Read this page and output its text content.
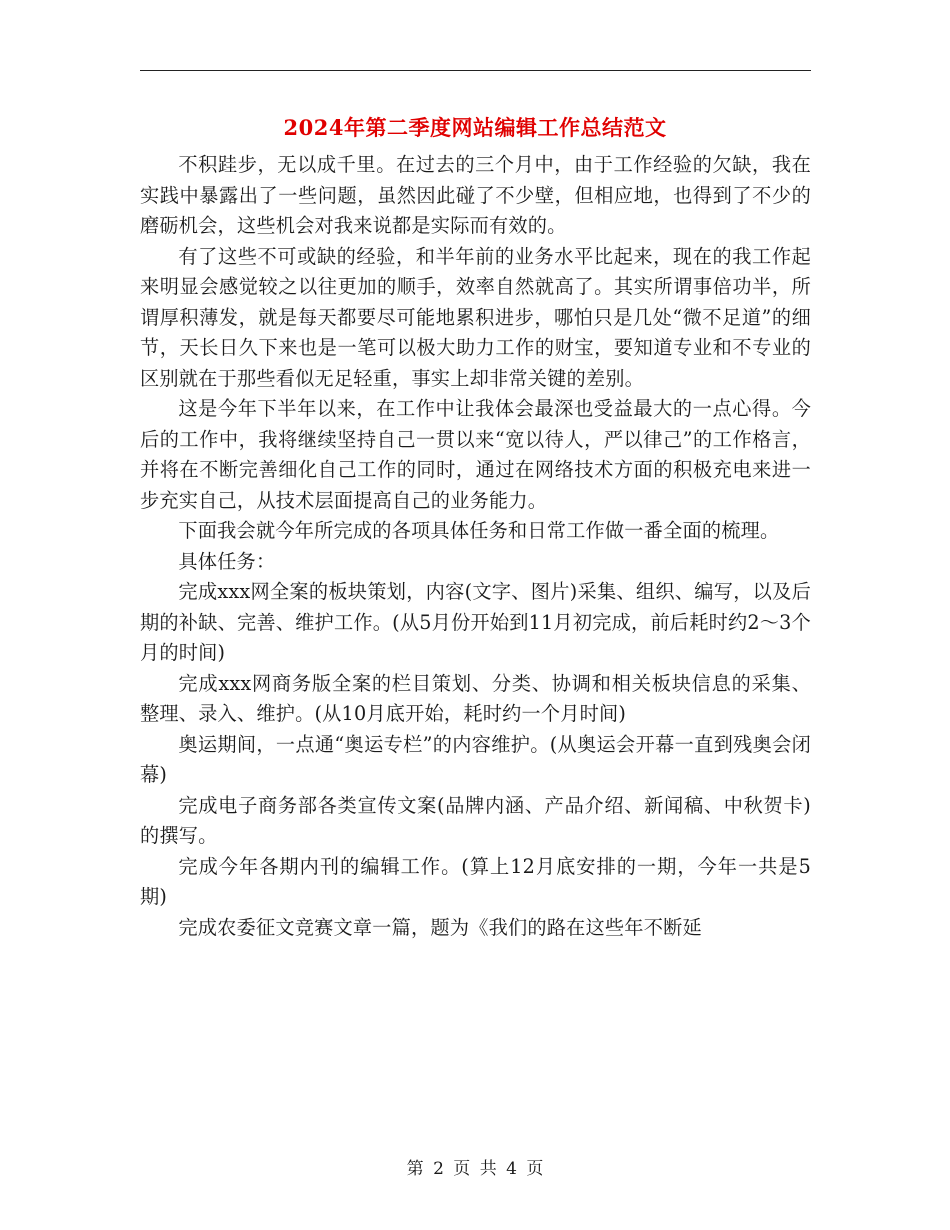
2024年第二季度网站编辑工作总结范文

不积跬步，无以成千里。在过去的三个月中，由于工作经验的欠缺，我在实践中暴露出了一些问题，虽然因此碰了不少壁，但相应地，也得到了不少的磨砺机会，这些机会对我来说都是实际而有效的。

有了这些不可或缺的经验，和半年前的业务水平比起来，现在的我工作起来明显会感觉较之以往更加的顺手，效率自然就高了。其实所谓事倍功半，所谓厚积薄发，就是每天都要尽可能地累积进步，哪怕只是几处“微不足道”的细节，天长日久下来也是一笔可以极大助力工作的财宝，要知道专业和不专业的区别就在于那些看似无足轻重，事实上却非常关键的差别。

这是今年下半年以来，在工作中让我体会最深也受益最大的一点心得。今后的工作中，我将继续坚持自己一贯以来“宽以待人，严以律己”的工作格言，并将在不断完善细化自己工作的同时，通过在网络技术方面的积极充电来进一步充实自己，从技术层面提高自己的业务能力。

下面我会就今年所完成的各项具体任务和日常工作做一番全面的梳理。

具体任务：

完成xxx网全案的板块策划，内容(文字、图片)采集、组织、编写，以及后期的补缺、完善、维护工作。(从5月份开始到11月初完成，前后耗时约2～3个月的时间)

完成xxx网商务版全案的栏目策划、分类、协调和相关板块信息的采集、整理、录入、维护。(从10月底开始，耗时约一个月时间)

奥运期间，一点通“奥运专栏”的内容维护。(从奥运会开幕一直到残奥会闭幕)

完成电子商务部各类宣传文案(品牌内涵、产品介绍、新闻稿、中秋贺卡)的撰写。

完成今年各期内刊的编辑工作。(算上12月底安排的一期，今年一共是5期)

完成农委征文竞赛文章一篇，题为《我们的路在这些年不断延

第 2 页 共 4 页
